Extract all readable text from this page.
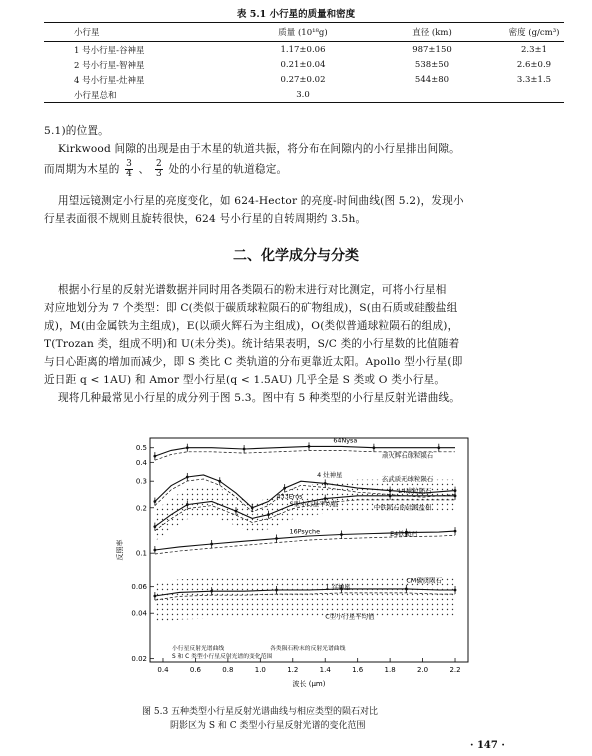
表 5.1 小行星的质量和密度
小行星	质量 (10¹⁸g)	直径 (km)	密度 (g/cm³)
1 号小行星-谷神星	1.17±0.06	987±150	2.3±1
2 号小行星-智神星	0.21±0.04	538±50	2.6±0.9
4 号小行星-灶神星	0.27±0.02	544±80	3.3±1.5
小行星总和	3.0		
5.1)的位置。
Kirkwood 间隙的出现是由于木星的轨道共振，将分布在间隙内的小行星排出间隙。
而周期为木星的 $\frac{3}{4}$ 、 $\frac{2}{3}$ 处的小行星的轨道稳定。
用望远镜测定小行星的亮度变化，如 624-Hector 的亮度-时间曲线(图 5.2)，发现小
行星表面很不规则且旋转很快，624 号小行星的自转周期约 3.5h。
二、化学成分与分类
根据小行星的反射光谱数据并同时用各类陨石的粉末进行对比测定，可将小行星相
对应地划分为 7 个类型：即 C(类似于碳质球粒陨石的矿物组成)，S(由石质或硅酸盐组
成)，M(由金属铁为主组成)，E(以顽火辉石为主组成)，O(类似普通球粒陨石的组成)，
T(Trozan 类，组成不明)和 U(未分类)。统计结果表明，S/C 类的小行星数的比值随着
与日心距离的增加而减少，即 S 类比 C 类轨道的分布更靠近太阳。Apollo 型小行星(即
近日距 q < 1AU) 和 Amor 型小行星(q < 1.5AU) 几乎全是 S 类或 O 类小行星。
现将几种最常见小行星的成分列于图 5.3。图中有 5 种类型的小行星反射光谱曲线。
0.4	0.6	0.8	1.0	1.2	1.4	1.6	1.8	2.0	2.2
0.5
0.4
0.3
0.2
0.1
0.06
0.04
0.02
64Nysa
顽火辉石球粒陨石
4 灶神星
玄武质无球粒陨石
L4球粒陨石
433Eros
S型小行星平均值	中铁陨石的硅酸盐相
16Psyche	E4铁陨石
CM碳质陨石
1 谷神星
C型小行星平均值
反照率
波长 (μm)
小行星反射光谱曲线	各类陨石粉末的反射光谱曲线
S 和 C 类型小行星反射光谱的变化范围
图 5.3 五种类型小行星反射光谱曲线与相应类型的陨石对比
阴影区为 S 和 C 类型小行星反射光谱的变化范围
· 147 ·
